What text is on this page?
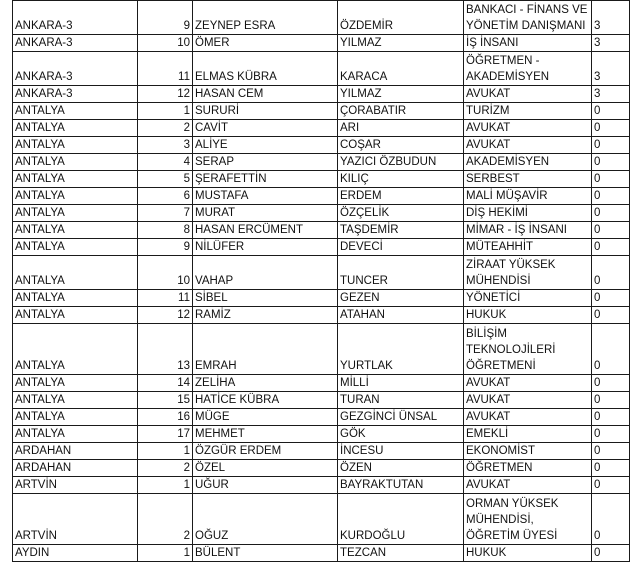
ANKARA-3	9	ZEYNEP ESRA	ÖZDEMİR	BANKACI - FİNANS VE YÖNETİM DANIŞMANI	3
ANKARA-3	10	ÖMER	YILMAZ	İŞ İNSANI	3
ANKARA-3	11	ELMAS KÜBRA	KARACA	ÖĞRETMEN - AKADEMİSYEN	3
ANKARA-3	12	HASAN CEM	YILMAZ	AVUKAT	3
ANTALYA	1	SURURİ	ÇORABATIR	TURİZM	0
ANTALYA	2	CAVİT	ARI	AVUKAT	0
ANTALYA	3	ALİYE	COŞAR	AVUKAT	0
ANTALYA	4	SERAP	YAZICI ÖZBUDUN	AKADEMİSYEN	0
ANTALYA	5	ŞERAFETTİN	KILIÇ	SERBEST	0
ANTALYA	6	MUSTAFA	ERDEM	MALİ MÜŞAVİR	0
ANTALYA	7	MURAT	ÖZÇELİK	DİŞ HEKİMİ	0
ANTALYA	8	HASAN ERCÜMENT	TAŞDEMİR	MİMAR - İŞ İNSANI	0
ANTALYA	9	NİLÜFER	DEVECİ	MÜTEAHHİT	0
ANTALYA	10	VAHAP	TUNCER	ZİRAAT YÜKSEK MÜHENDİSİ	0
ANTALYA	11	SİBEL	GEZEN	YÖNETİCİ	0
ANTALYA	12	RAMİZ	ATAHAN	HUKUK	0
ANTALYA	13	EMRAH	YURTLAK	BİLİŞİM TEKNOLOJİLERİ ÖĞRETMENİ	0
ANTALYA	14	ZELİHA	MİLLİ	AVUKAT	0
ANTALYA	15	HATİCE KÜBRA	TURAN	AVUKAT	0
ANTALYA	16	MÜGE	GEZGİNCİ ÜNSAL	AVUKAT	0
ANTALYA	17	MEHMET	GÖK	EMEKLİ	0
ARDAHAN	1	ÖZGÜR ERDEM	İNCESU	EKONOMİST	0
ARDAHAN	2	ÖZEL	ÖZEN	ÖĞRETMEN	0
ARTVİN	1	UĞUR	BAYRAKTUTAN	AVUKAT	0
ARTVİN	2	OĞUZ	KURDOĞLU	ORMAN YÜKSEK MÜHENDİSİ, ÖĞRETİM ÜYESİ	0
AYDIN	1	BÜLENT	TEZCAN	HUKUK	0
